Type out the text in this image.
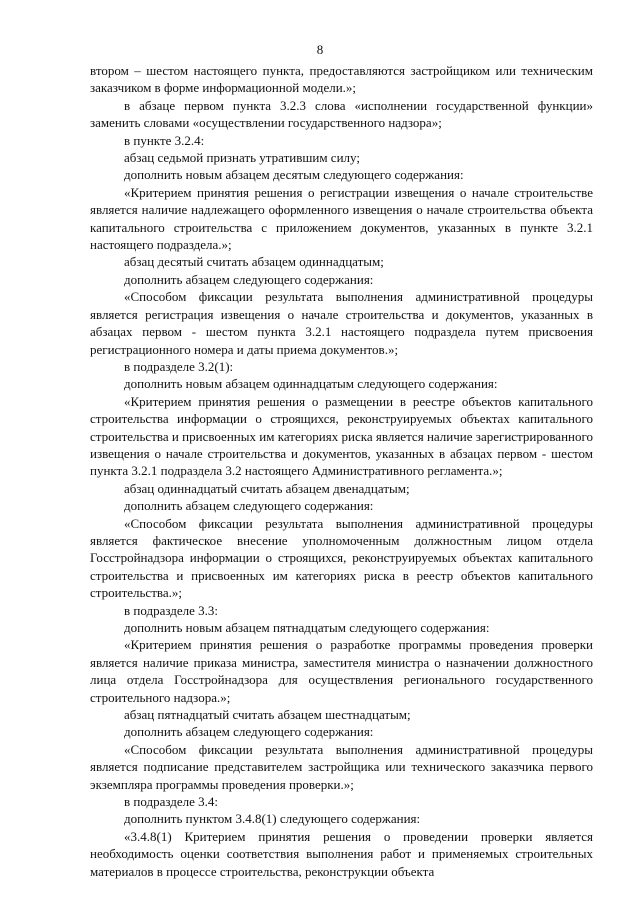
8

втором – шестом настоящего пункта, предоставляются застройщиком или техническим заказчиком в форме информационной модели.»;

в абзаце первом пункта 3.2.3 слова «исполнении государственной функции» заменить словами «осуществлении государственного надзора»;

в пункте 3.2.4:

абзац седьмой признать утратившим силу;

дополнить новым абзацем десятым следующего содержания:

«Критерием принятия решения о регистрации извещения о начале строительстве является наличие надлежащего оформленного извещения о начале строительства объекта капитального строительства с приложением документов, указанных в пункте 3.2.1 настоящего подраздела.»;

абзац десятый считать абзацем одиннадцатым;

дополнить абзацем следующего содержания:

«Способом фиксации результата выполнения административной процедуры является регистрация извещения о начале строительства и документов, указанных в абзацах первом - шестом пункта 3.2.1 настоящего подраздела путем присвоения регистрационного номера и даты приема документов.»;

в подразделе 3.2(1):

дополнить новым абзацем одиннадцатым следующего содержания:

«Критерием принятия решения о размещении в реестре объектов капитального строительства информации о строящихся, реконструируемых объектах капитального строительства и присвоенных им категориях риска является наличие зарегистрированного извещения о начале строительства и документов, указанных в абзацах первом - шестом пункта 3.2.1 подраздела 3.2 настоящего Административного регламента.»;

абзац одиннадцатый считать абзацем двенадцатым;

дополнить абзацем следующего содержания:

«Способом фиксации результата выполнения административной процедуры является фактическое внесение уполномоченным должностным лицом отдела Госстройнадзора информации о строящихся, реконструируемых объектах капитального строительства и присвоенных им категориях риска в реестр объектов капитального строительства.»;

в подразделе 3.3:

дополнить новым абзацем пятнадцатым следующего содержания:

«Критерием принятия решения о разработке программы проведения проверки является наличие приказа министра, заместителя министра о назначении должностного лица отдела Госстройнадзора для осуществления регионального государственного строительного надзора.»;

абзац пятнадцатый считать абзацем шестнадцатым;

дополнить абзацем следующего содержания:

«Способом фиксации результата выполнения административной процедуры является подписание представителем застройщика или технического заказчика первого экземпляра программы проведения проверки.»;

в подразделе 3.4:

дополнить пунктом 3.4.8(1) следующего содержания:

«3.4.8(1) Критерием принятия решения о проведении проверки является необходимость оценки соответствия выполнения работ и применяемых строительных материалов в процессе строительства, реконструкции объекта
